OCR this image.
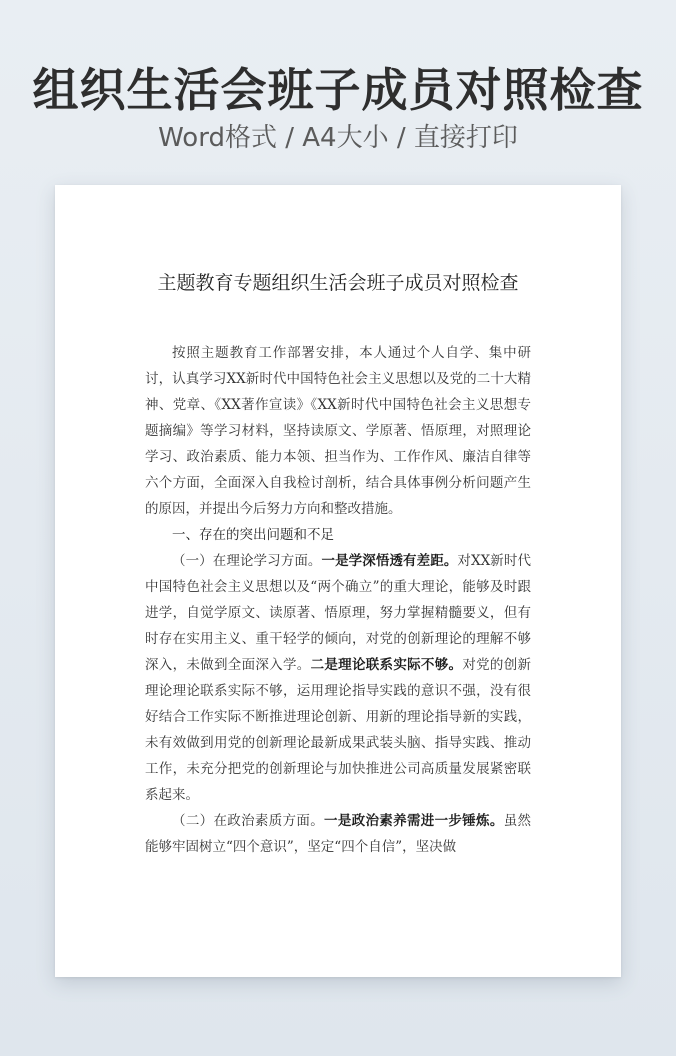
组织生活会班子成员对照检查
Word格式 / A4大小 / 直接打印
主题教育专题组织生活会班子成员对照检查

按照主题教育工作部署安排，本人通过个人自学、集中研讨，认真学习XX新时代中国特色社会主义思想以及党的二十大精神、党章、《XX著作宣读》《XX新时代中国特色社会主义思想专题摘编》等学习材料，坚持读原文、学原著、悟原理，对照理论学习、政治素质、能力本领、担当作为、工作作风、廉洁自律等六个方面，全面深入自我检讨剖析，结合具体事例分析问题产生的原因，并提出今后努力方向和整改措施。

一、存在的突出问题和不足

（一）在理论学习方面。一是学深悟透有差距。对XX新时代中国特色社会主义思想以及“两个确立”的重大理论，能够及时跟进学，自觉学原文、读原著、悟原理，努力掌握精髓要义，但有时存在实用主义、重干轻学的倾向，对党的创新理论的理解不够深入，未做到全面深入学。二是理论联系实际不够。对党的创新理论理论联系实际不够，运用理论指导实践的意识不强，没有很好结合工作实际不断推进理论创新、用新的理论指导新的实践，未有效做到用党的创新理论最新成果武装头脑、指导实践、推动工作，未充分把党的创新理论与加快推进公司高质量发展紧密联系起来。

（二）在政治素质方面。一是政治素养需进一步锤炼。虽然能够牢固树立“四个意识”，坚定“四个自信”，坚决做
